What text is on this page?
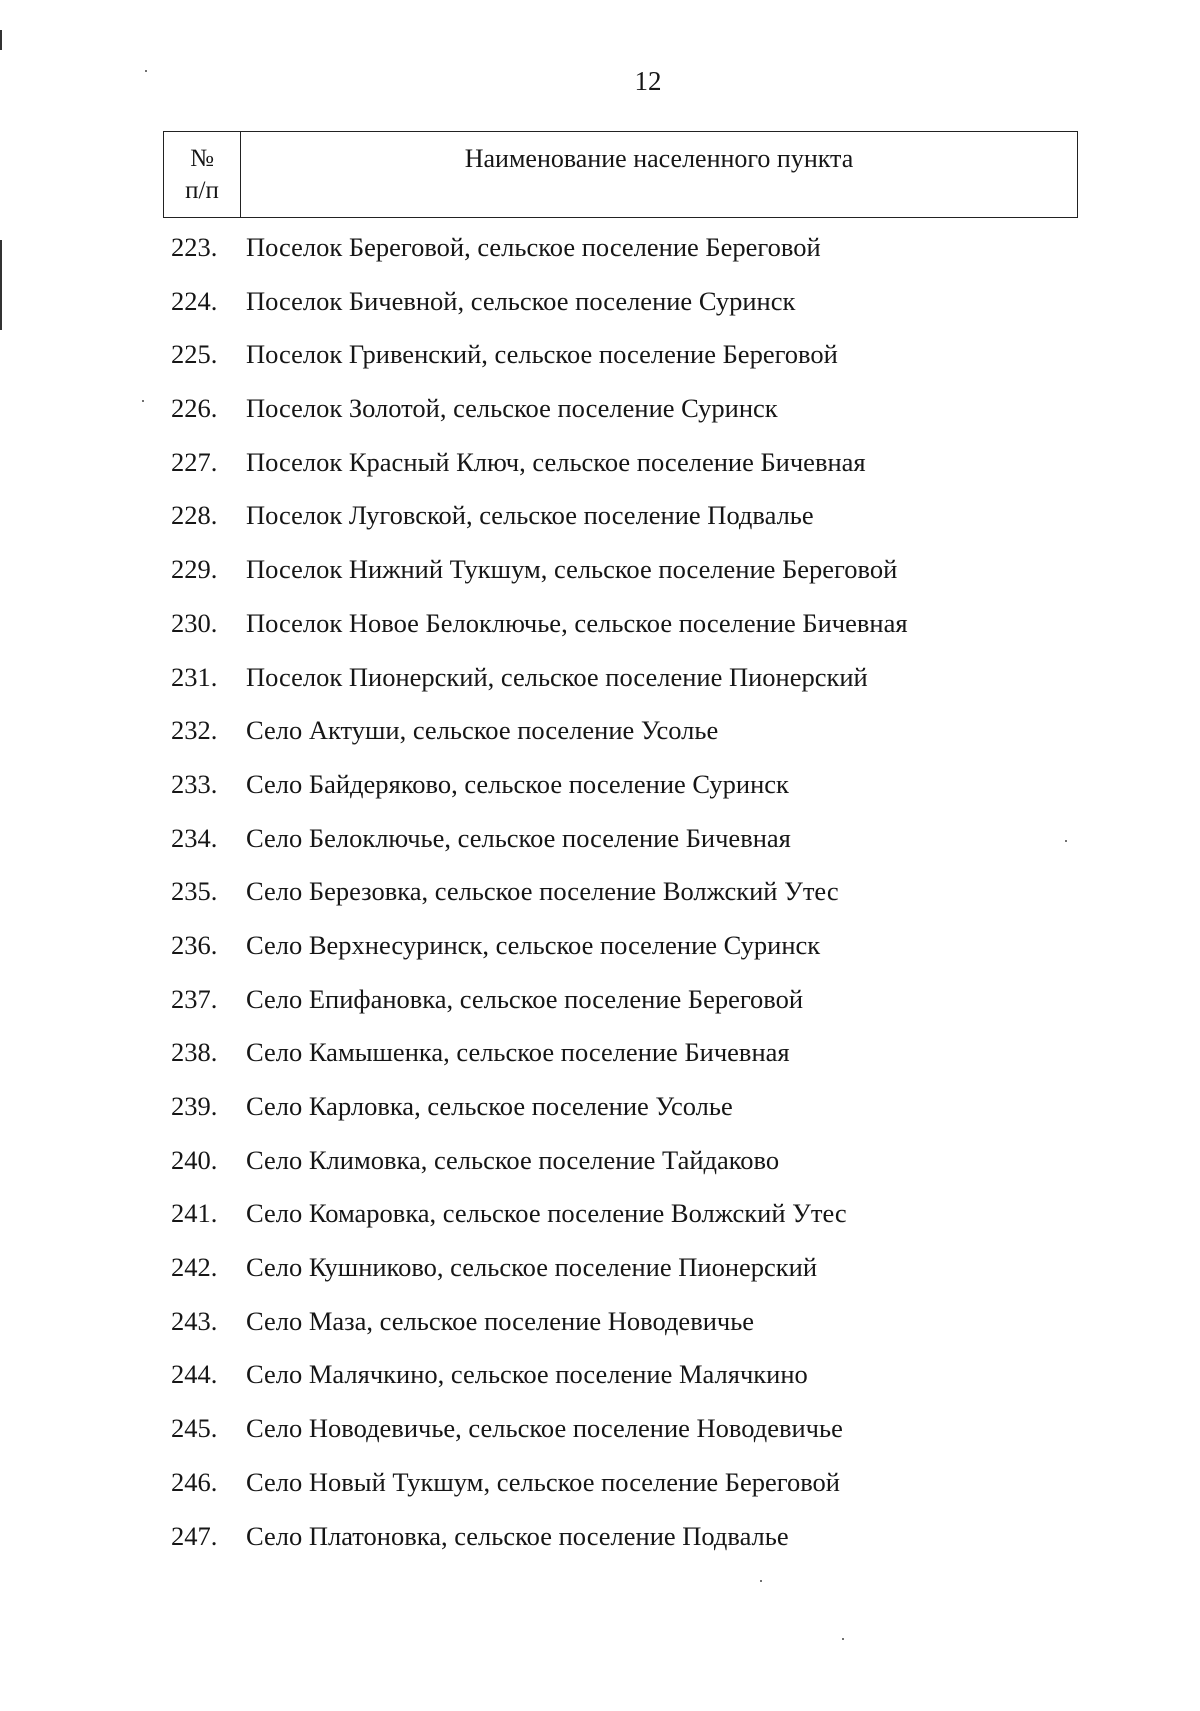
12
№
п/п
Наименование населенного пункта
223. Поселок Береговой, сельское поселение Береговой
224. Поселок Бичевной, сельское поселение Суринск
225. Поселок Гривенский, сельское поселение Береговой
226. Поселок Золотой, сельское поселение Суринск
227. Поселок Красный Ключ, сельское поселение Бичевная
228. Поселок Луговской, сельское поселение Подвалье
229. Поселок Нижний Тукшум, сельское поселение Береговой
230. Поселок Новое Белоключье, сельское поселение Бичевная
231. Поселок Пионерский, сельское поселение Пионерский
232. Село Актуши, сельское поселение Усолье
233. Село Байдеряково, сельское поселение Суринск
234. Село Белоключье, сельское поселение Бичевная
235. Село Березовка, сельское поселение Волжский Утес
236. Село Верхнесуринск, сельское поселение Суринск
237. Село Епифановка, сельское поселение Береговой
238. Село Камышенка, сельское поселение Бичевная
239. Село Карловка, сельское поселение Усолье
240. Село Климовка, сельское поселение Тайдаково
241. Село Комаровка, сельское поселение Волжский Утес
242. Село Кушниково, сельское поселение Пионерский
243. Село Маза, сельское поселение Новодевичье
244. Село Малячкино, сельское поселение Малячкино
245. Село Новодевичье, сельское поселение Новодевичье
246. Село Новый Тукшум, сельское поселение Береговой
247. Село Платоновка, сельское поселение Подвалье
